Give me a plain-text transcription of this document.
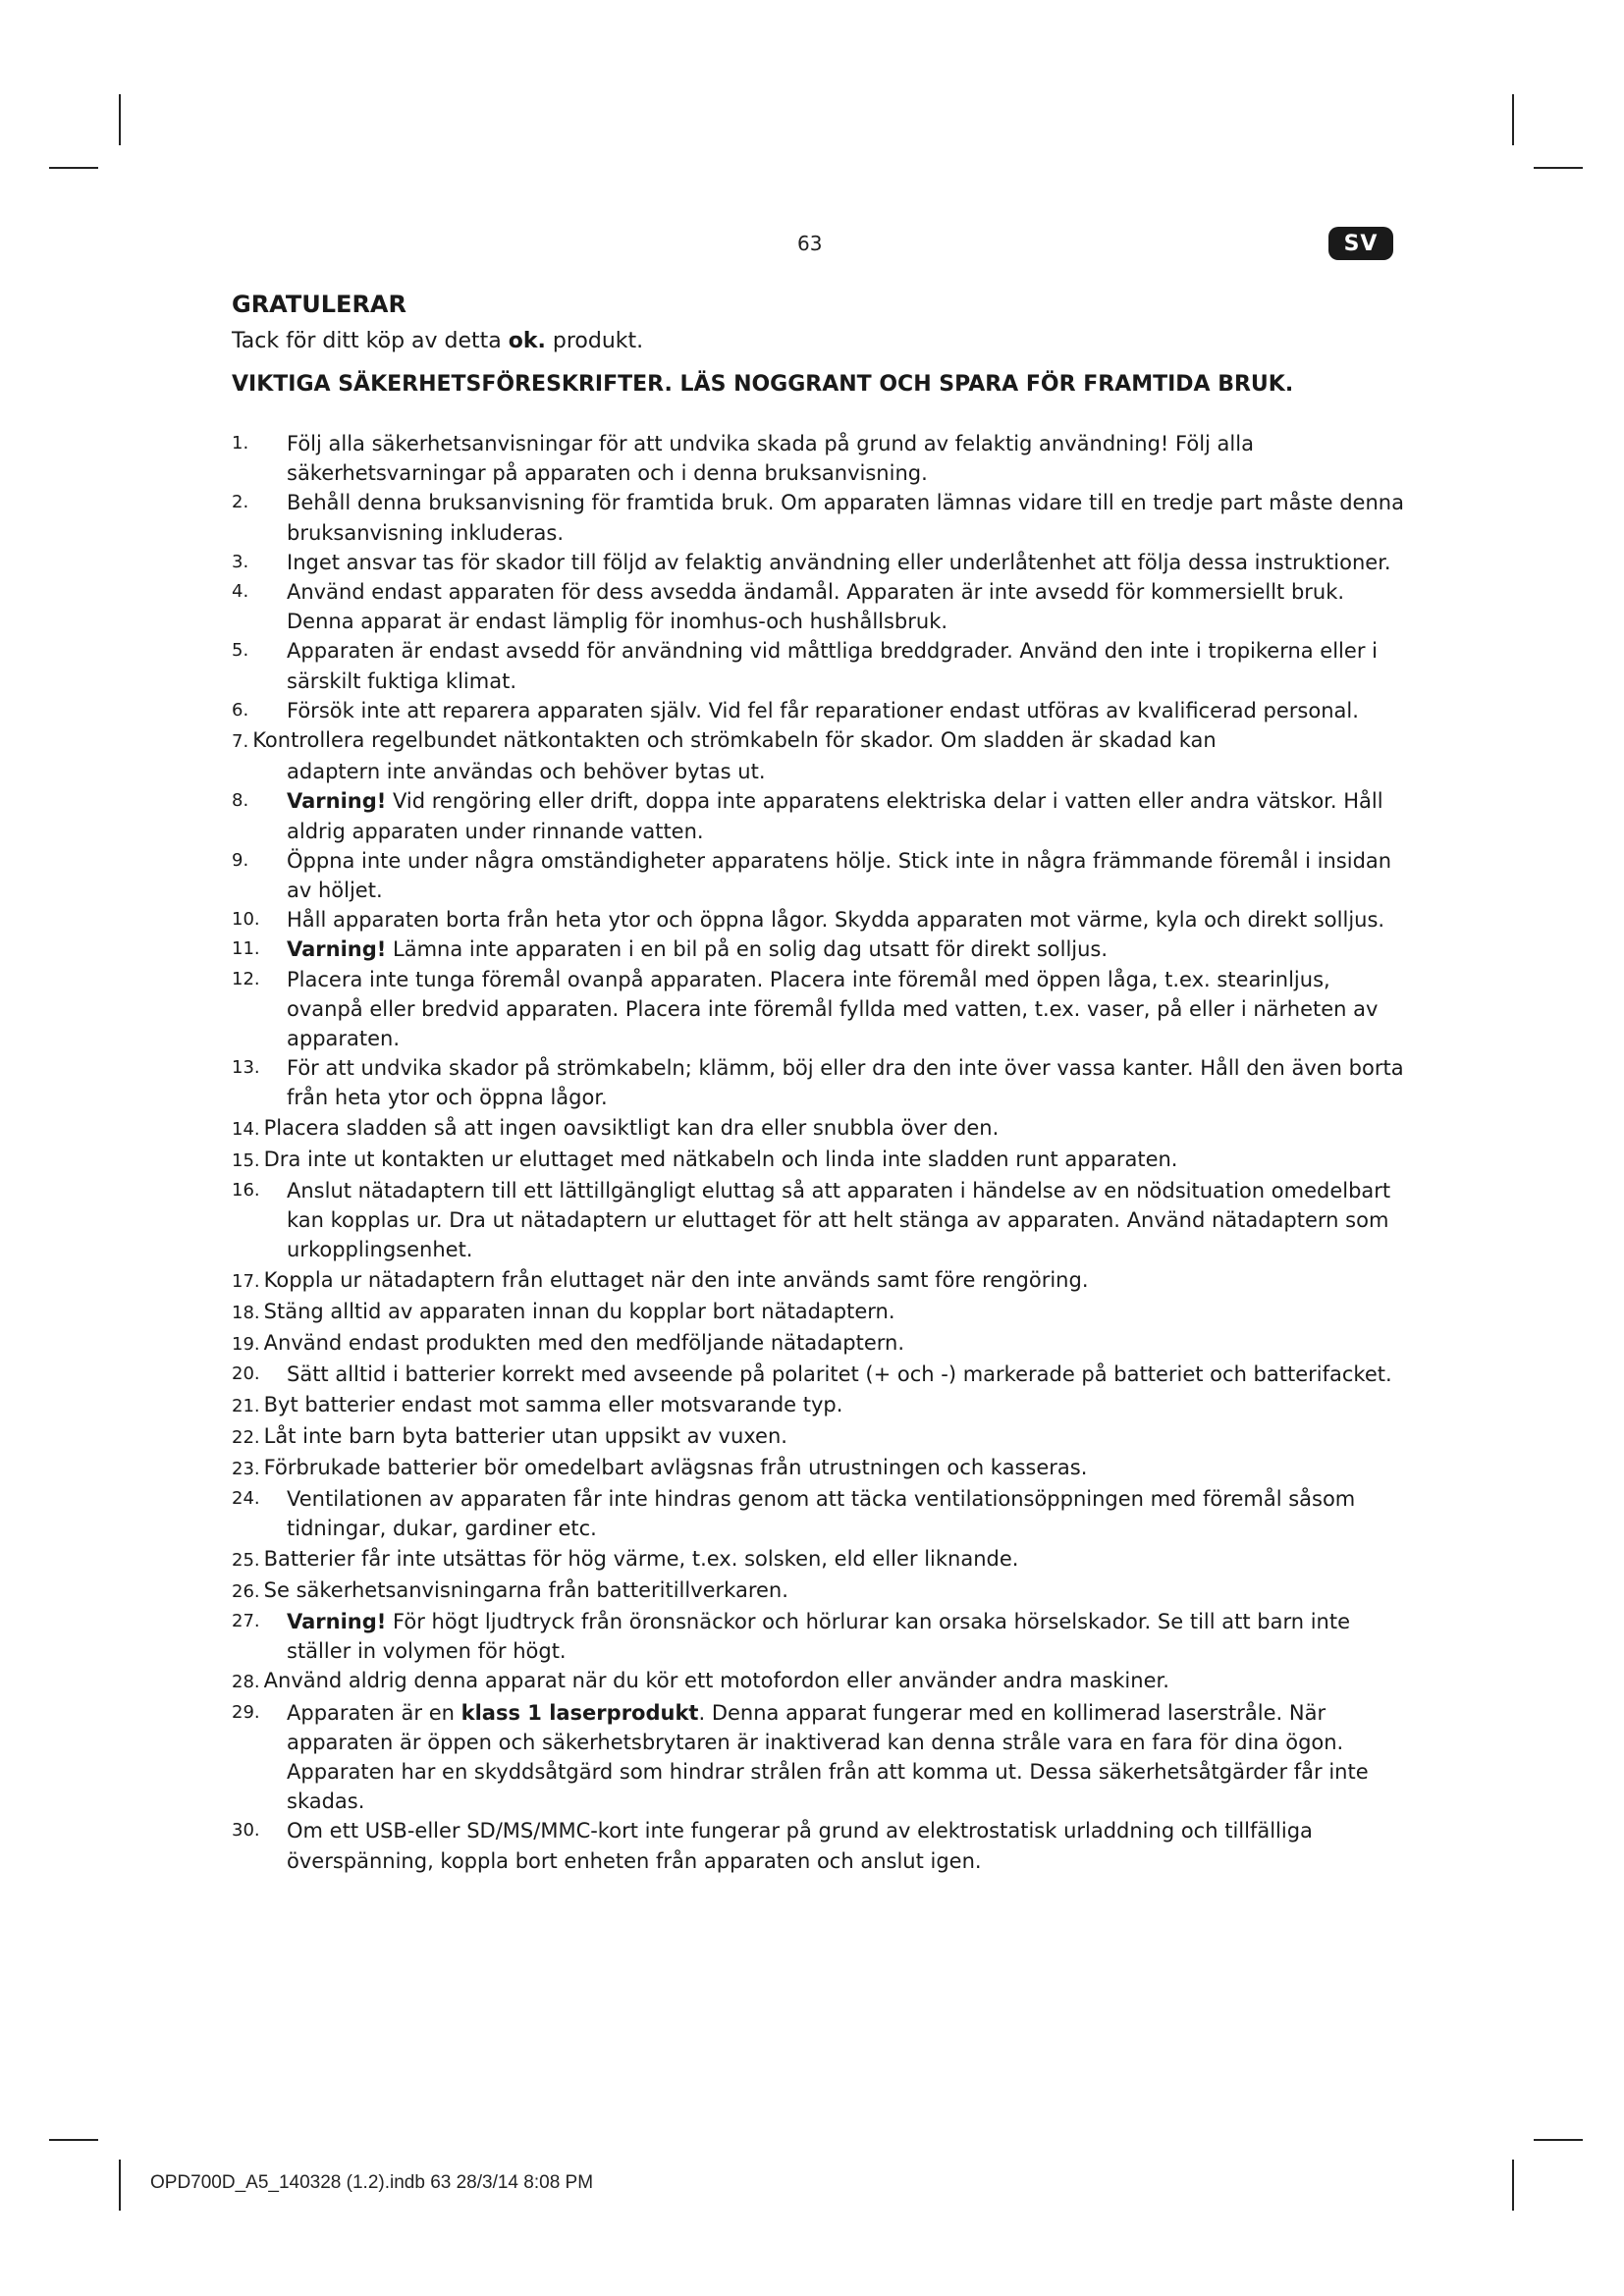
63	SV
GRATULERAR

Tack för ditt köp av detta ok. produkt.

VIKTIGA SÄKERHETSFÖRESKRIFTER. LÄS NOGGRANT OCH SPARA FÖR FRAMTIDA BRUK.
1. Följ alla säkerhetsanvisningar för att undvika skada på grund av felaktig användning! Följ alla säkerhetsvarningar på apparaten och i denna bruksanvisning.
2. Behåll denna bruksanvisning för framtida bruk. Om apparaten lämnas vidare till en tredje part måste denna bruksanvisning inkluderas.
3. Inget ansvar tas för skador till följd av felaktig användning eller underlåtenhet att följa dessa instruktioner.
4. Använd endast apparaten för dess avsedda ändamål. Apparaten är inte avsedd för kommersiellt bruk. Denna apparat är endast lämplig för inomhus-och hushållsbruk.
5. Apparaten är endast avsedd för användning vid måttliga breddgrader. Använd den inte i tropikerna eller i särskilt fuktiga klimat.
6. Försök inte att reparera apparaten själv. Vid fel får reparationer endast utföras av kvalificerad personal.
7. Kontrollera regelbundet nätkontakten och strömkabeln för skador. Om sladden är skadad kan
adaptern inte användas och behöver bytas ut.
8. Varning! Vid rengöring eller drift, doppa inte apparatens elektriska delar i vatten eller andra vätskor. Håll aldrig apparaten under rinnande vatten.
9. Öppna inte under några omständigheter apparatens hölje. Stick inte in några främmande föremål i insidan av höljet.
10. Håll apparaten borta från heta ytor och öppna lågor. Skydda apparaten mot värme, kyla och direkt solljus.
11. Varning! Lämna inte apparaten i en bil på en solig dag utsatt för direkt solljus.
12. Placera inte tunga föremål ovanpå apparaten. Placera inte föremål med öppen låga, t.ex. stearinljus, ovanpå eller bredvid apparaten. Placera inte föremål fyllda med vatten, t.ex. vaser, på eller i närheten av apparaten.
13. För att undvika skador på strömkabeln; klämm, böj eller dra den inte över vassa kanter. Håll den även borta från heta ytor och öppna lågor.
14. Placera sladden så att ingen oavsiktligt kan dra eller snubbla över den.
15. Dra inte ut kontakten ur eluttaget med nätkabeln och linda inte sladden runt apparaten.
16. Anslut nätadaptern till ett lättillgängligt eluttag så att apparaten i händelse av en nödsituation omedelbart kan kopplas ur. Dra ut nätadaptern ur eluttaget för att helt stänga av apparaten. Använd nätadaptern som urkopplingsenhet.
17. Koppla ur nätadaptern från eluttaget när den inte används samt före rengöring.
18. Stäng alltid av apparaten innan du kopplar bort nätadaptern.
19. Använd endast produkten med den medföljande nätadaptern.
20. Sätt alltid i batterier korrekt med avseende på polaritet (+ och -) markerade på batteriet och batterifacket.
21. Byt batterier endast mot samma eller motsvarande typ.
22. Låt inte barn byta batterier utan uppsikt av vuxen.
23. Förbrukade batterier bör omedelbart avlägsnas från utrustningen och kasseras.
24. Ventilationen av apparaten får inte hindras genom att täcka ventilationsöppningen med föremål såsom tidningar, dukar, gardiner etc.
25. Batterier får inte utsättas för hög värme, t.ex. solsken, eld eller liknande.
26. Se säkerhetsanvisningarna från batteritillverkaren.
27. Varning! För högt ljudtryck från öronsnäckor och hörlurar kan orsaka hörselskador. Se till att barn inte ställer in volymen för högt.
28. Använd aldrig denna apparat när du kör ett motofordon eller använder andra maskiner.
29. Apparaten är en klass 1 laserprodukt. Denna apparat fungerar med en kollimerad laserstråle. När apparaten är öppen och säkerhetsbrytaren är inaktiverad kan denna stråle vara en fara för dina ögon. Apparaten har en skyddsåtgärd som hindrar strålen från att komma ut. Dessa säkerhetsåtgärder får inte skadas.
30. Om ett USB-eller SD/MS/MMC-kort inte fungerar på grund av elektrostatisk urladdning och tillfälliga överspänning, koppla bort enheten från apparaten och anslut igen.
OPD700D_A5_140328 (1.2).indb 63 28/3/14 8:08 PM
